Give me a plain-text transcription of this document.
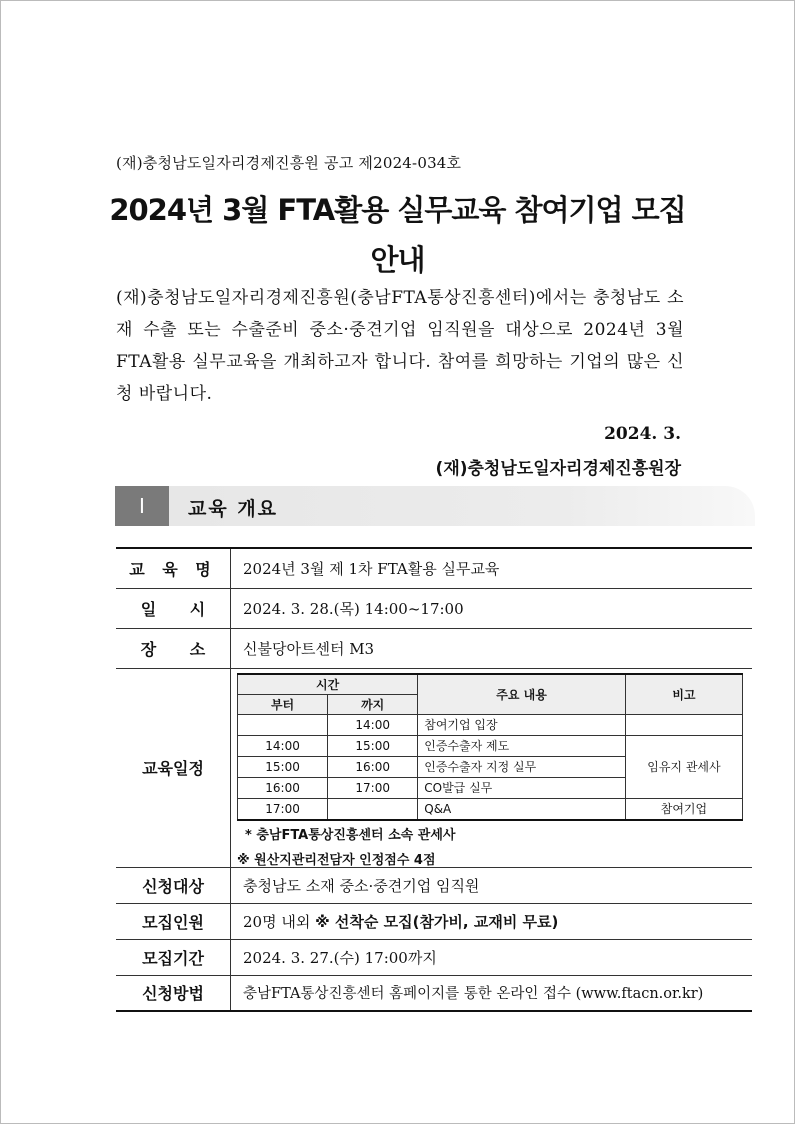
(재)충청남도일자리경제진흥원 공고 제2024-034호
2024년 3월 FTA활용 실무교육 참여기업 모집
안내
(재)충청남도일자리경제진흥원(충남FTA통상진흥센터)에서는 충청남도 소재 수출 또는 수출준비 중소·중견기업 임직원을 대상으로 2024년 3월 FTA활용 실무교육을 개최하고자 합니다. 참여를 희망하는 기업의 많은 신청 바랍니다.
2024. 3.
(재)충청남도일자리경제진흥원장
Ⅰ	교육 개요
교 육 명	2024년 3월 제 1차 FTA활용 실무교육
일 시	2024. 3. 28.(목) 14:00~17:00
장 소	신불당아트센터 M3
교육일정	
시간	주요 내용	비고
부터	까지
	14:00	참여기업 입장	
14:00	15:00	인증수출자 제도	임유지 관세사
15:00	16:00	인증수출자 지정 실무
16:00	17:00	CO발급 실무
17:00		Q&A	참여기업
* 충남FTA통상진흥센터 소속 관세사
※ 원산지관리전담자 인정점수 4점

신청대상	충청남도 소재 중소·중견기업 임직원
모집인원	20명 내외 ※ 선착순 모집(참가비, 교재비 무료)
모집기간	2024. 3. 27.(수) 17:00까지
신청방법	충남FTA통상진흥센터 홈페이지를 통한 온라인 접수 (www.ftacn.or.kr)
